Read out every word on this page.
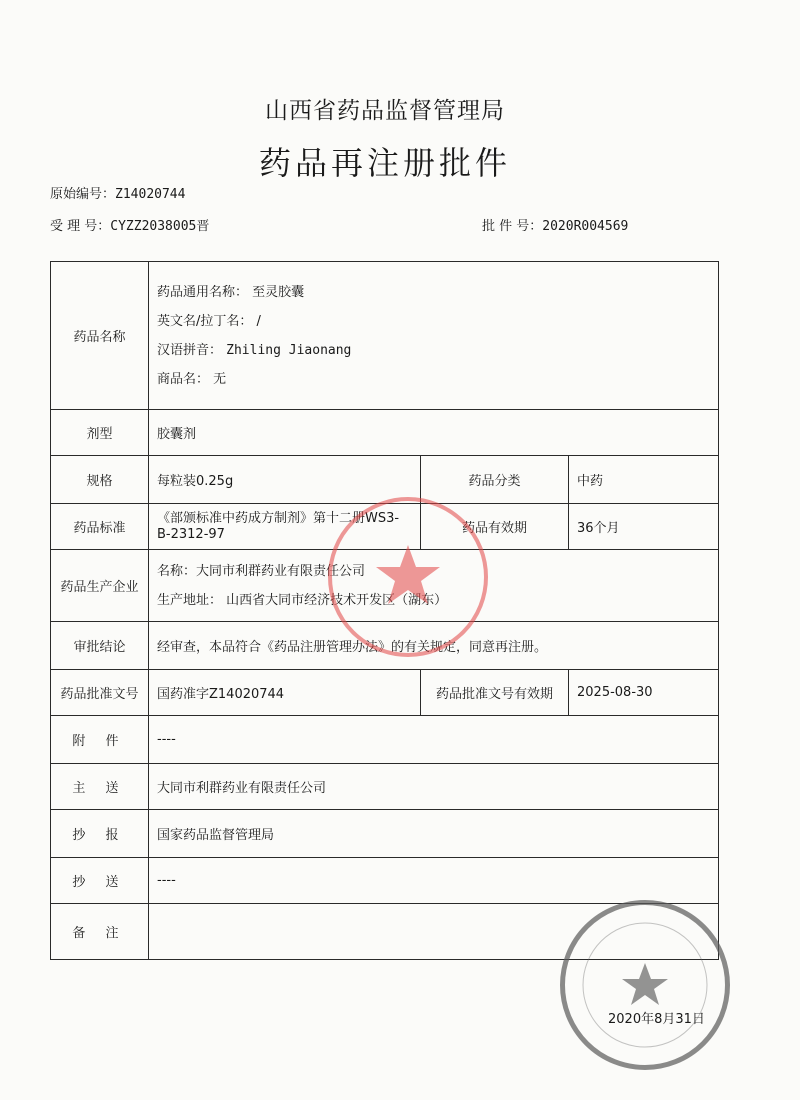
山西省药品监督管理局
药品再注册批件
原始编号：Z14020744
受 理 号：CYZZ2038005晋	批 件 号：2020R004569
药品名称	药品通用名称： 至灵胶囊
英文名/拉丁名： /
汉语拼音： Zhiling Jiaonang
商品名： 无		

剂型	胶囊剂		
规格	每粒装0.25g	药品分类	中药
药品标准	《部颁标准中药成方制剂》第十二册WS3-
B-2312-97	药品有效期	36个月
药品生产企业	名称：大同市利群药业有限责任公司
生产地址： 山西省大同市经济技术开发区（湖东）		

审批结论	经审查，本品符合《药品注册管理办法》的有关规定，同意再注册。		
药品批准文号	国药准字Z14020744	药品批准文号有效期	2025-08-30
附 件	----		
主 送	大同市利群药业有限责任公司		
抄 报	国家药品监督管理局		
抄 送	----		
备 注			
2020年8月31日
